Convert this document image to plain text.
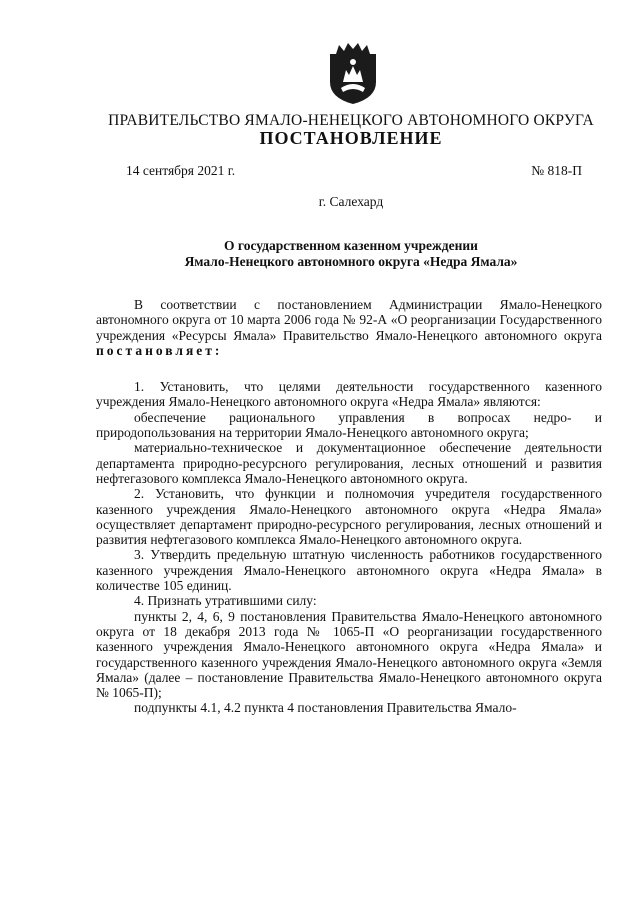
ПРАВИТЕЛЬСТВО ЯМАЛО-НЕНЕЦКОГО АВТОНОМНОГО ОКРУГА
ПОСТАНОВЛЕНИЕ
14 сентября 2021 г.	№ 818-П
г. Салехард
О государственном казенном учреждении
Ямало-Ненецкого автономного округа «Недра Ямала»

В соответствии с постановлением Администрации Ямало-Ненецкого автономного округа от 10 марта 2006 года № 92-А «О реорганизации Государственного учреждения «Ресурсы Ямала» Правительство Ямало-Ненецкого автономного округа постановляет:

1. Установить, что целями деятельности государственного казенного учреждения Ямало-Ненецкого автономного округа «Недра Ямала» являются:

обеспечение рационального управления в вопросах недро- и природопользования на территории Ямало-Ненецкого автономного округа;

материально-техническое и документационное обеспечение деятельности департамента природно-ресурсного регулирования, лесных отношений и развития нефтегазового комплекса Ямало-Ненецкого автономного округа.

2. Установить, что функции и полномочия учредителя государственного казенного учреждения Ямало-Ненецкого автономного округа «Недра Ямала» осуществляет департамент природно-ресурсного регулирования, лесных отношений и развития нефтегазового комплекса Ямало-Ненецкого автономного округа.

3. Утвердить предельную штатную численность работников государственного казенного учреждения Ямало-Ненецкого автономного округа «Недра Ямала» в количестве 105 единиц.

4. Признать утратившими силу:

пункты 2, 4, 6, 9 постановления Правительства Ямало-Ненецкого автономного округа от 18 декабря 2013 года № 1065-П «О реорганизации государственного казенного учреждения Ямало-Ненецкого автономного округа «Недра Ямала» и государственного казенного учреждения Ямало-Ненецкого автономного округа «Земля Ямала» (далее – постановление Правительства Ямало-Ненецкого автономного округа № 1065-П);

подпункты 4.1, 4.2 пункта 4 постановления Правительства Ямало-
